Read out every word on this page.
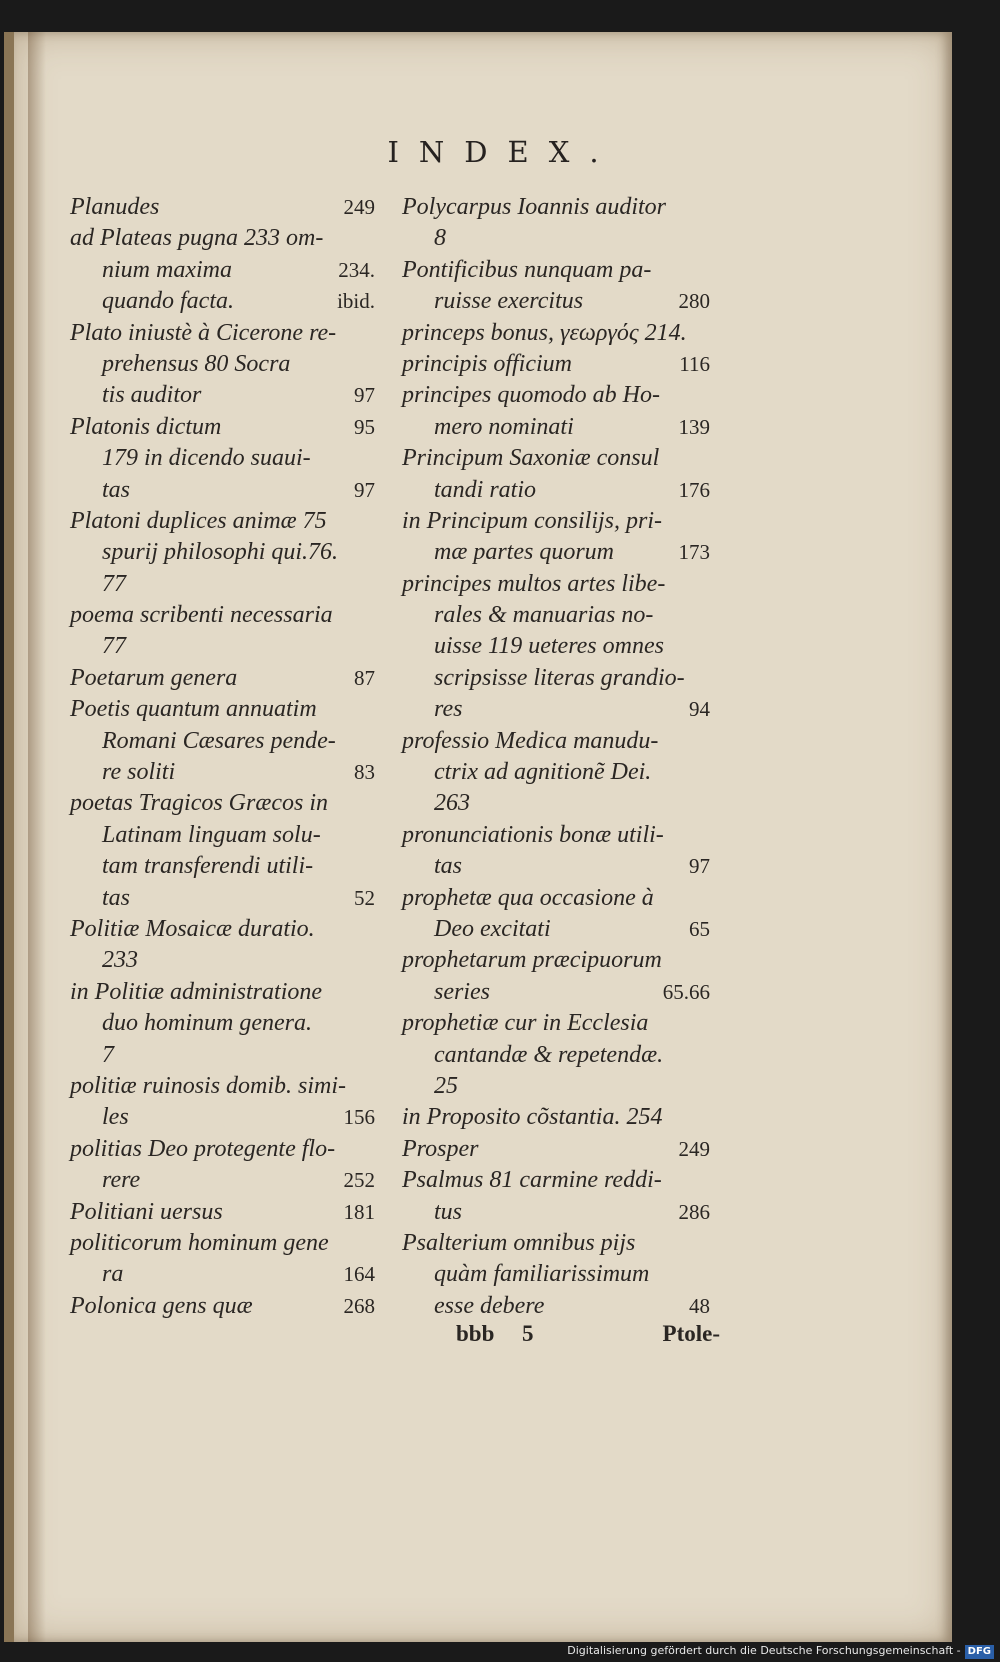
INDEX.
Planudes	249
ad Plateas pugna 233 om-
nium maxima	234.
quando facta.	ibid.
Plato iniustè à Cicerone re-
prehensus 80 Socra
tis auditor	97
Platonis dictum	95
179 in dicendo suaui-
tas	97
Platoni duplices animæ 75
spurij philosophi qui.76.
77
poema scribenti necessaria
77
Poetarum genera	87
Poetis quantum annuatim
Romani Cæsares pende-
re soliti	83
poetas Tragicos Græcos in
Latinam linguam solu-
tam transferendi utili-
tas	52
Politiæ Mosaicæ duratio.
233
in Politiæ administratione
duo hominum genera.
7
politiæ ruinosis domib. simi-
les	156
politias Deo protegente flo-
rere	252
Politiani uersus	181
politicorum hominum gene
ra	164
Polonica gens quæ	268
Polycarpus Ioannis auditor
8
Pontificibus nunquam pa-
ruisse exercitus	280
princeps bonus, γεωργός 214.
principis officium	116
principes quomodo ab Ho-
mero nominati	139
Principum Saxoniæ consul
tandi ratio	176
in Principum consilijs, pri-
mæ partes quorum	173
principes multos artes libe-
rales & manuarias no-
uisse 119 ueteres omnes
scripsisse literas grandio-
res	94
professio Medica manudu-
ctrix ad agnitionẽ Dei.
263
pronunciationis bonæ utili-
tas	97
prophetæ qua occasione à
Deo excitati	65
prophetarum præcipuorum
series	65.66
prophetiæ cur in Ecclesia
cantandæ & repetendæ.
25
in Proposito cõstantia. 254
Prosper	249
Psalmus 81 carmine reddi-
tus	286
Psalterium omnibus pijs
quàm familiarissimum
esse debere	48
bbb 5	Ptole-
Digitalisierung gefördert durch die Deutsche Forschungsgemeinschaft - DFG
